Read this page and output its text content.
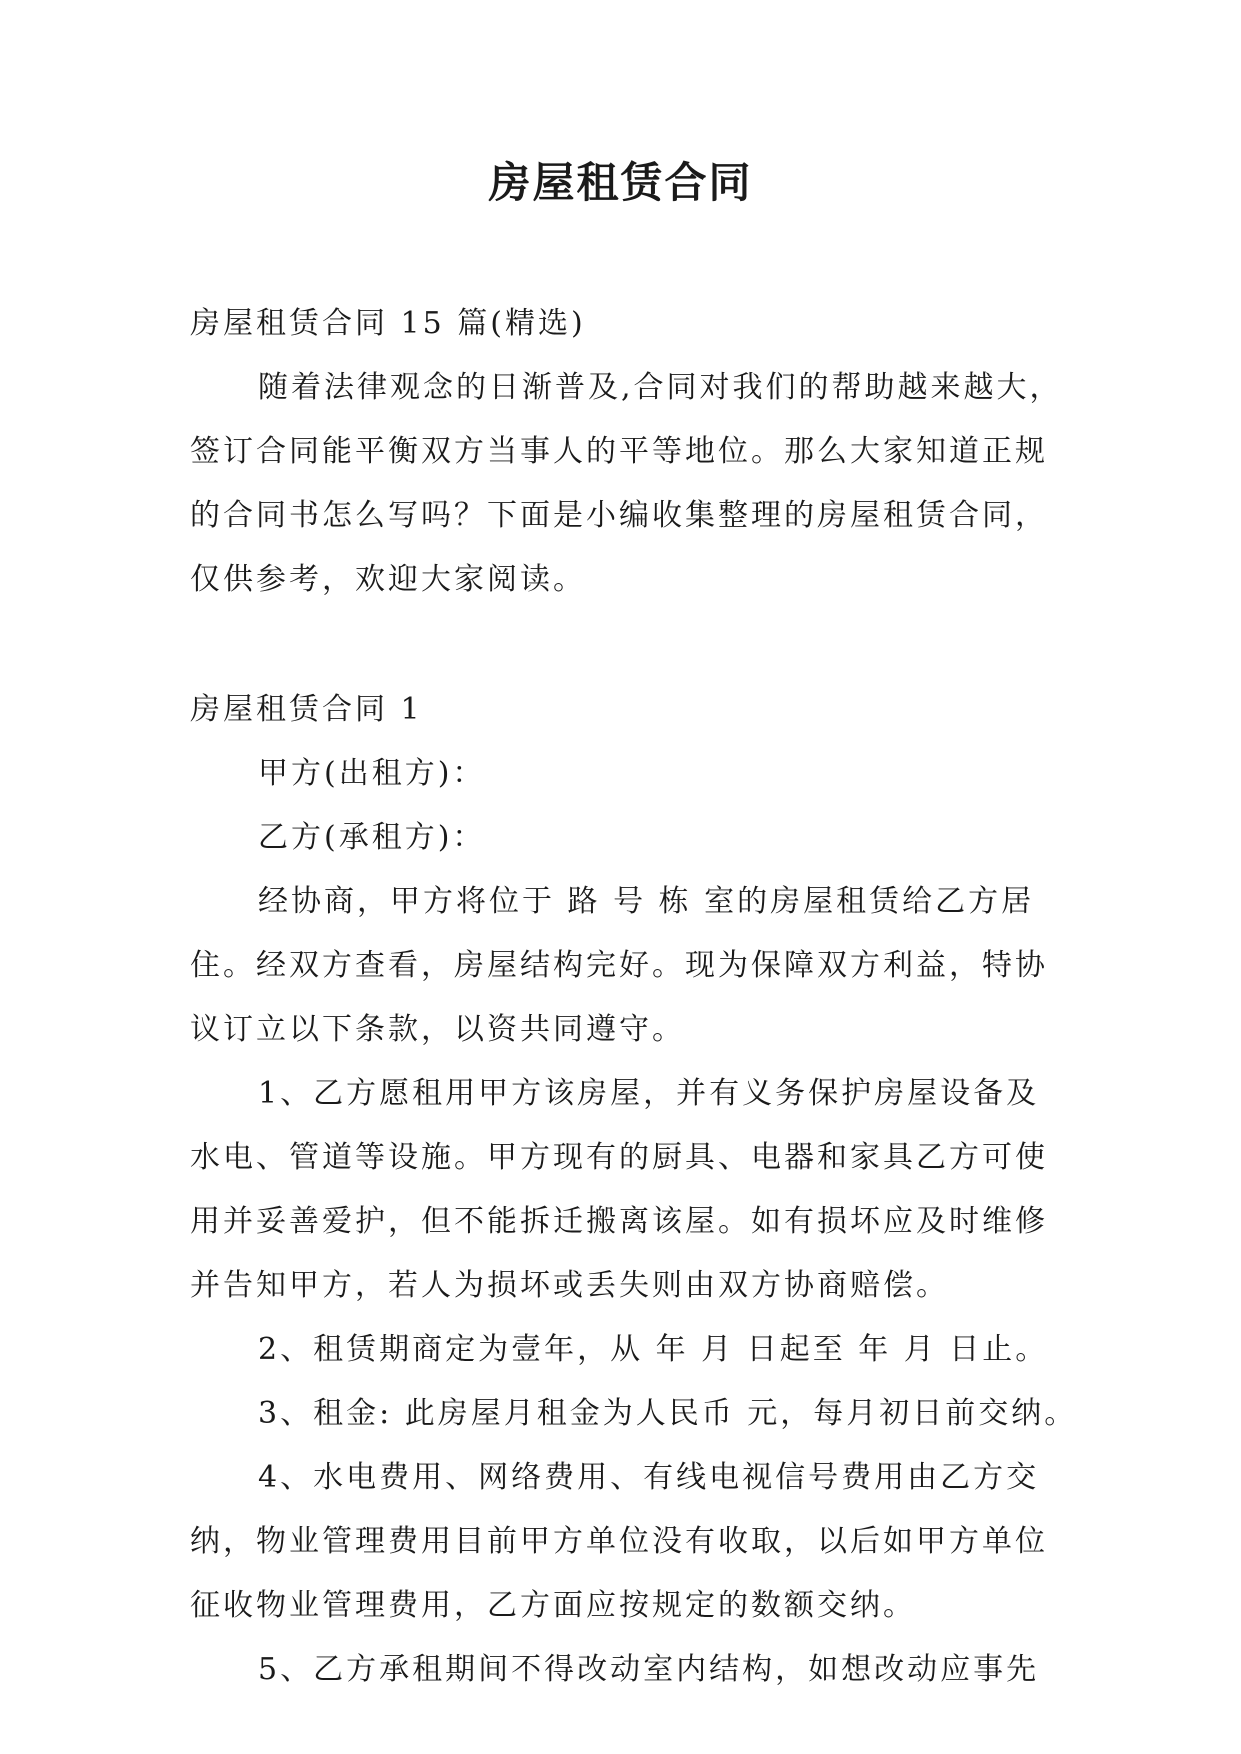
房屋租赁合同

房屋租赁合同 15 篇(精选)

随着法律观念的日渐普及,合同对我们的帮助越来越大，

签订合同能平衡双方当事人的平等地位。那么大家知道正规

的合同书怎么写吗？下面是小编收集整理的房屋租赁合同，

仅供参考，欢迎大家阅读。

房屋租赁合同 1

甲方(出租方)：

乙方(承租方)：

经协商，甲方将位于 路 号 栋 室的房屋租赁给乙方居

住。经双方查看，房屋结构完好。现为保障双方利益，特协

议订立以下条款，以资共同遵守。

1、乙方愿租用甲方该房屋，并有义务保护房屋设备及

水电、管道等设施。甲方现有的厨具、电器和家具乙方可使

用并妥善爱护，但不能拆迁搬离该屋。如有损坏应及时维修

并告知甲方，若人为损坏或丢失则由双方协商赔偿。

2、租赁期商定为壹年，从 年 月 日起至 年 月 日止。

3、租金: 此房屋月租金为人民币 元，每月初日前交纳。

4、水电费用、网络费用、有线电视信号费用由乙方交

纳，物业管理费用目前甲方单位没有收取，以后如甲方单位

征收物业管理费用，乙方面应按规定的数额交纳。

5、乙方承租期间不得改动室内结构，如想改动应事先
